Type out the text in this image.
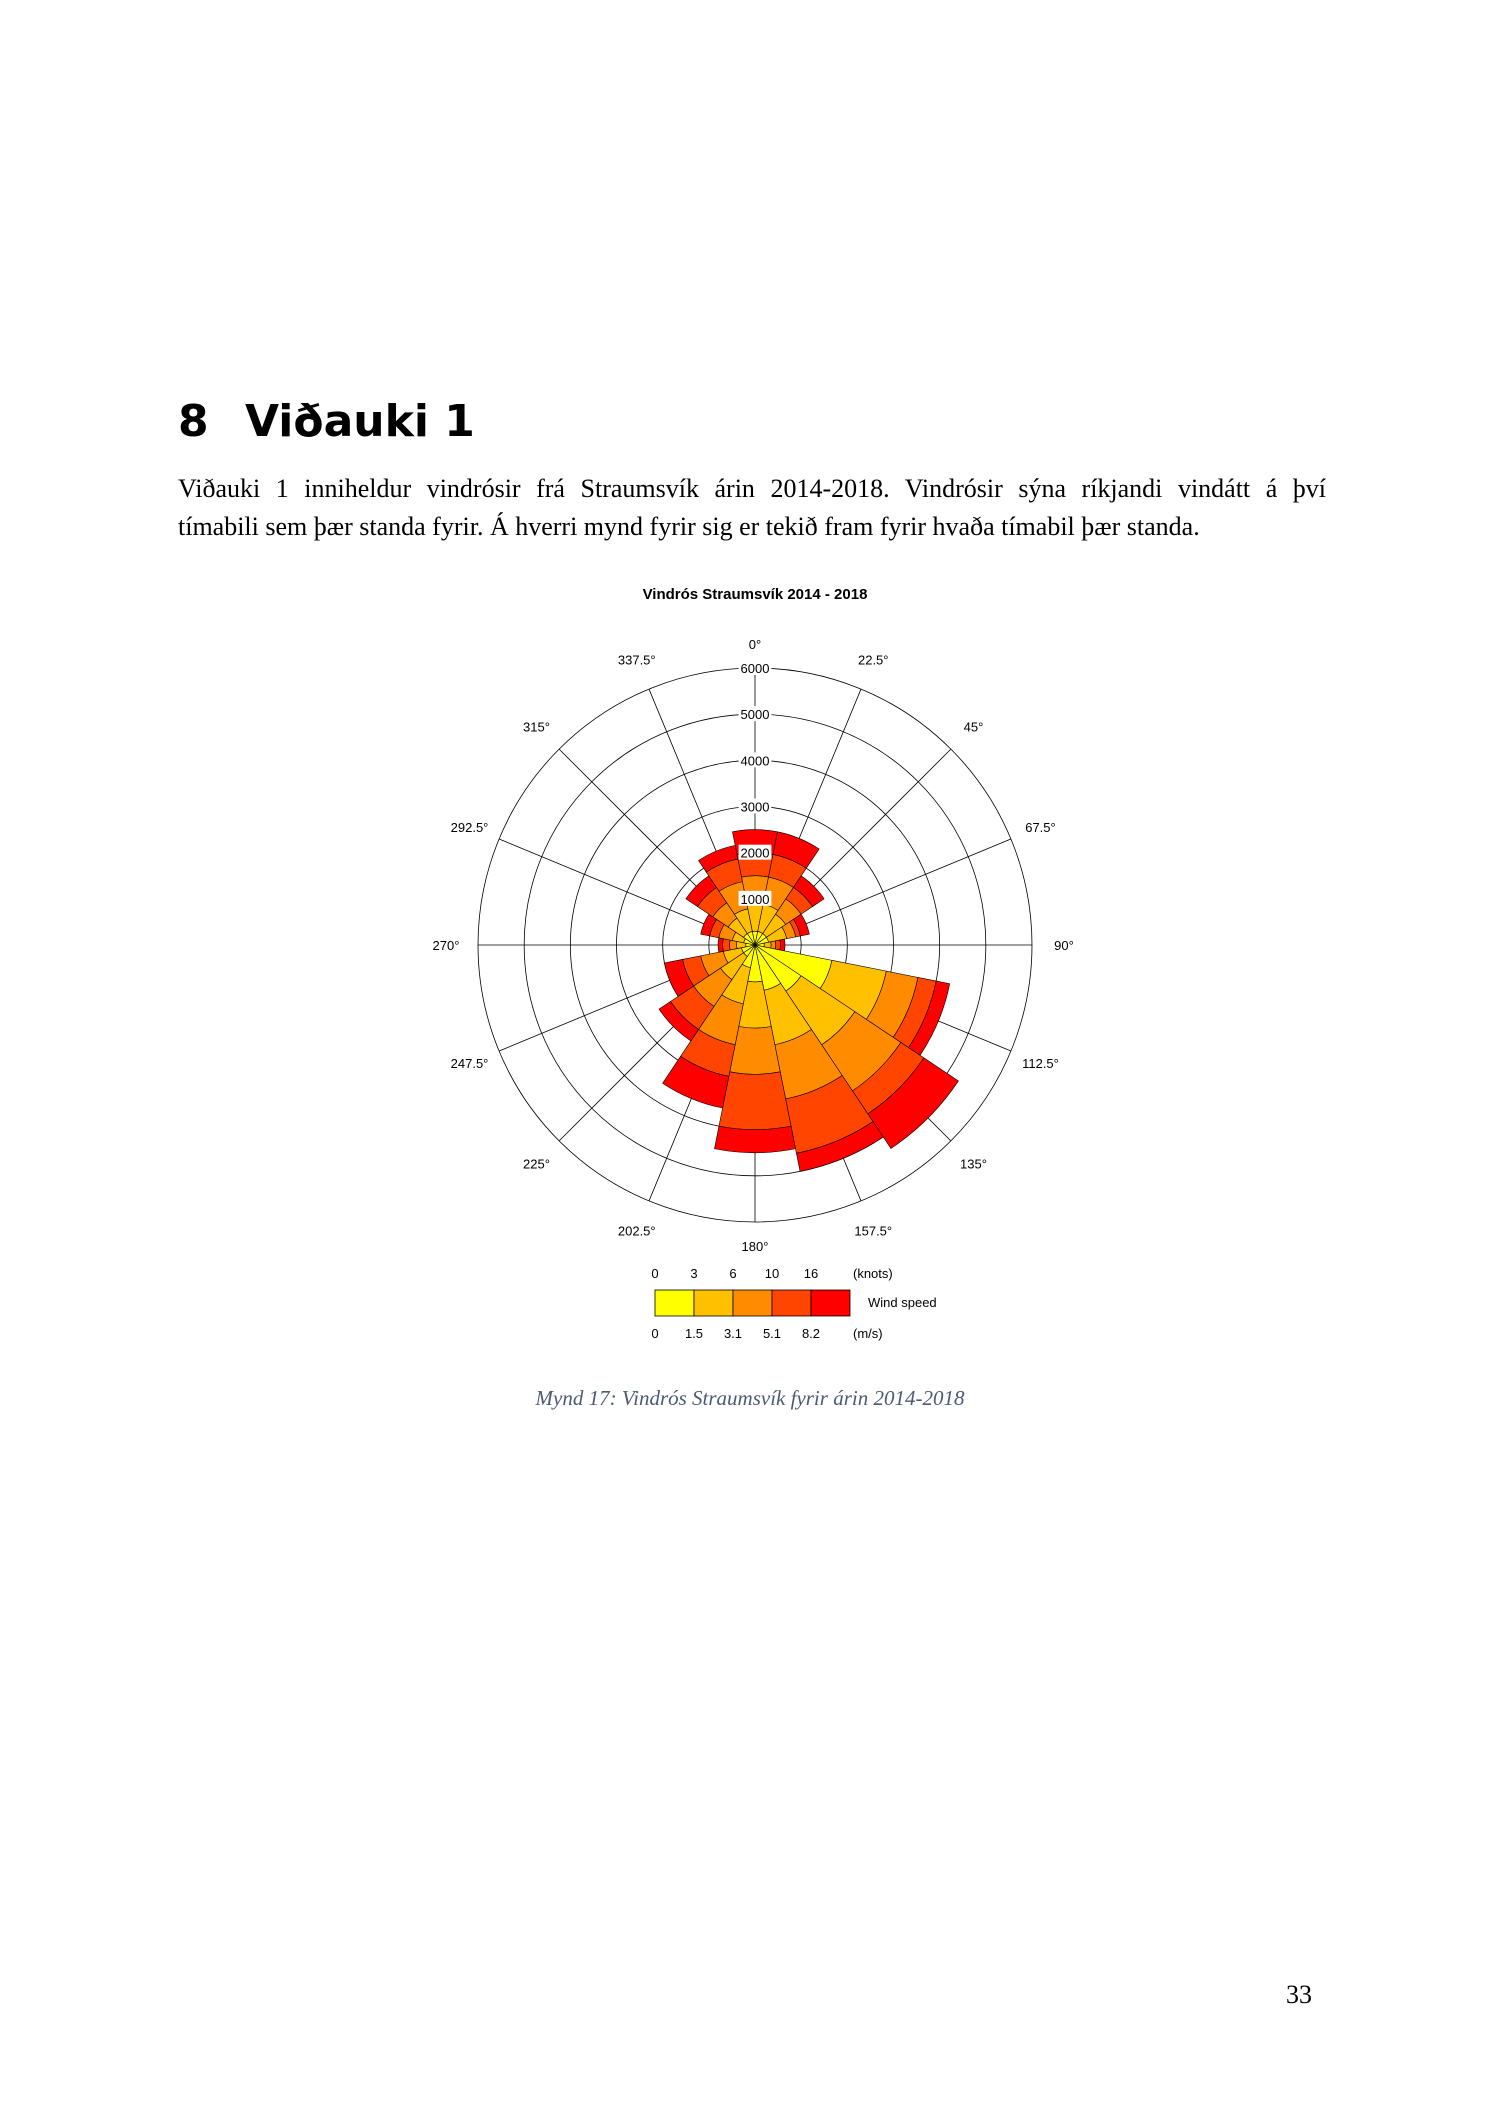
8 Viðauki 1
Viðauki 1 inniheldur vindrósir frá Straumsvík árin 2014-2018. Vindrósir sýna ríkjandi vindátt á því
tímabili sem þær standa fyrir. Á hverri mynd fyrir sig er tekið fram fyrir hvaða tímabil þær standa.
Vindrós Straumsvík 2014 - 2018
1000
2000
3000
4000
5000
6000
0°
22.5°
45°
67.5°
90°
112.5°
135°
157.5°
180°
202.5°
225°
247.5°
270°
292.5°
315°
337.5°
0 3 6 10 16	(knots)
Wind speed
0 1.5 3.1 5.1 8.2	(m/s)
Mynd 17: Vindrós Straumsvík fyrir árin 2014-2018
33
